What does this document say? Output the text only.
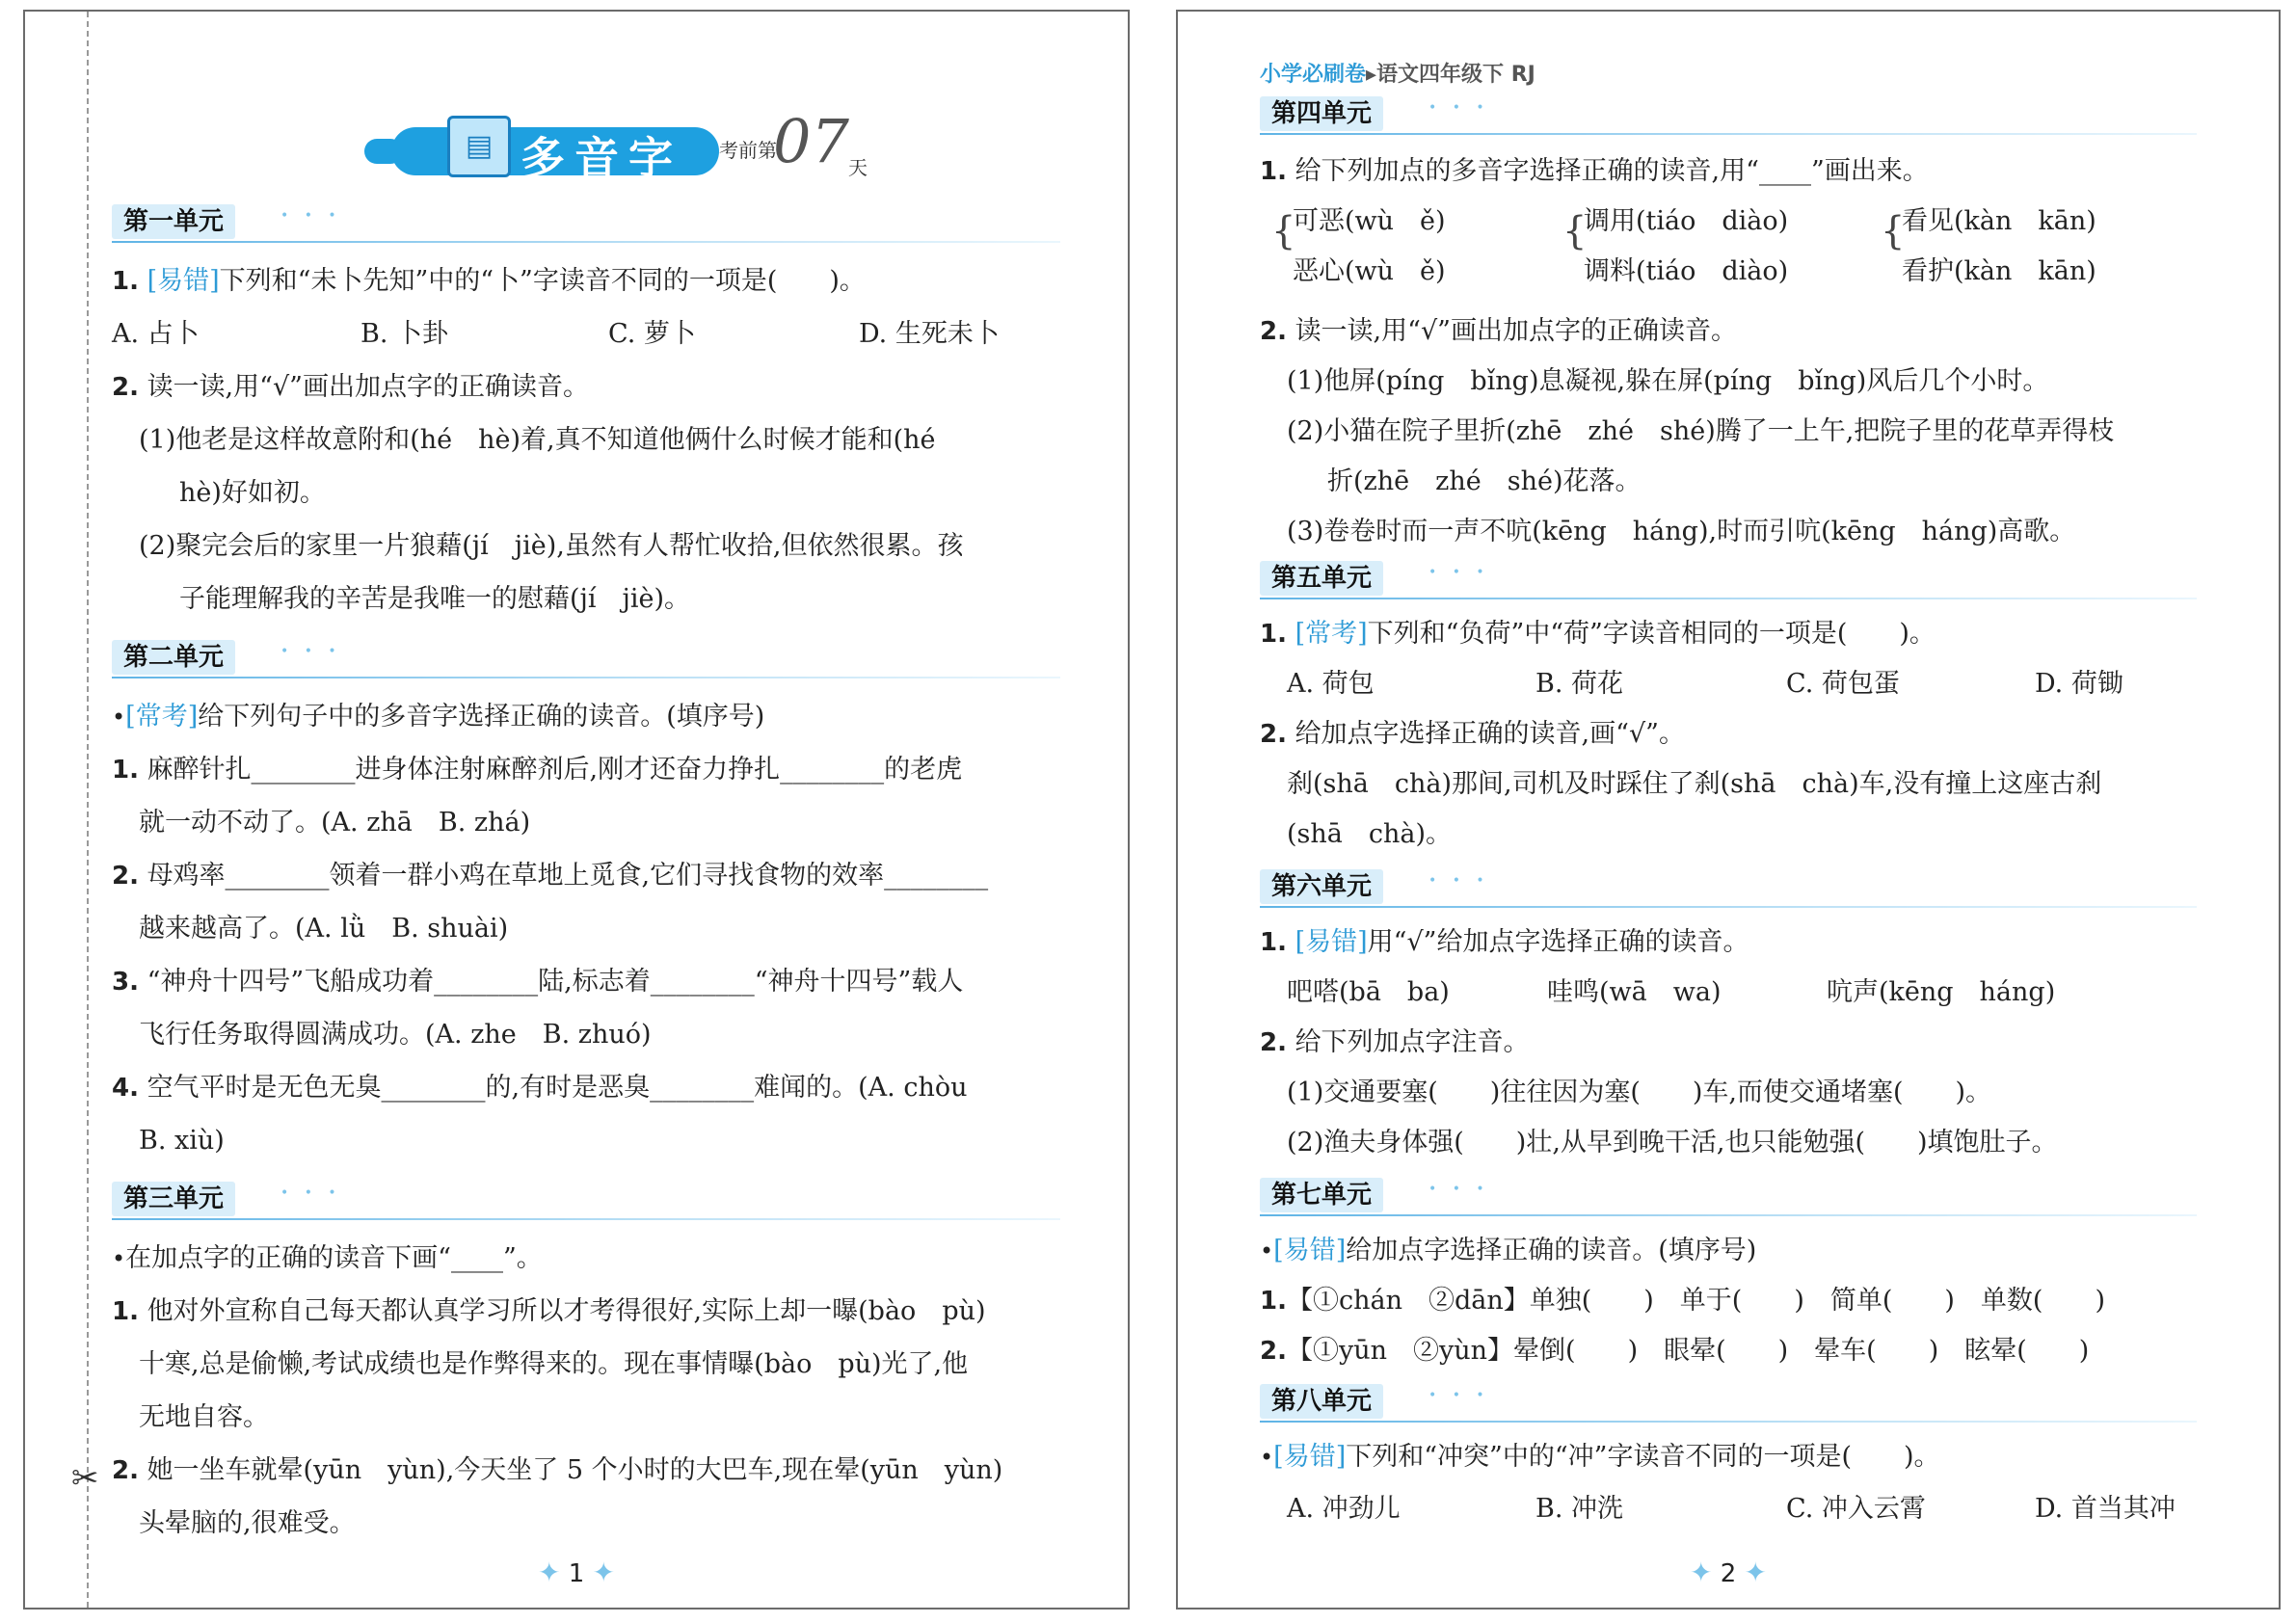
✂
▤ 多音字 考前第
07 天
第一单元	• • •
1. [易错]下列和“未卜先知”中的“卜”字读音不同的一项是(　　)。
A. 占卜	B. 卜卦	C. 萝卜	D. 生死未卜
2. 读一读,用“√”画出加点字的正确读音。
(1)他老是这样故意附和(hé　hè)着,真不知道他俩什么时候才能和(hé
hè)好如初。
(2)聚完会后的家里一片狼藉(jí　jiè),虽然有人帮忙收拾,但依然很累。孩
子能理解我的辛苦是我唯一的慰藉(jí　jiè)。
第二单元	• • •
•[常考]给下列句子中的多音字选择正确的读音。(填序号)
1. 麻醉针扎________进身体注射麻醉剂后,刚才还奋力挣扎________的老虎
就一动不动了。(A. zhā　B. zhá)
2. 母鸡率________领着一群小鸡在草地上觅食,它们寻找食物的效率________
越来越高了。(A. lǜ　B. shuài)
3. “神舟十四号”飞船成功着________陆,标志着________“神舟十四号”载人
飞行任务取得圆满成功。(A. zhe　B. zhuó)
4. 空气平时是无色无臭________的,有时是恶臭________难闻的。(A. chòu
B. xiù)
第三单元	• • •
•在加点字的正确的读音下画“____”。
1. 他对外宣称自己每天都认真学习所以才考得很好,实际上却一曝(bào　pù)
十寒,总是偷懒,考试成绩也是作弊得来的。现在事情曝(bào　pù)光了,他
无地自容。
2. 她一坐车就晕(yūn　yùn),今天坐了 5 个小时的大巴车,现在晕(yūn　yùn)
头晕脑的,很难受。
✦ 1 ✦
小学必刷卷▸语文四年级下 RJ
第四单元	• • •
1. 给下列加点的多音字选择正确的读音,用“____”画出来。
{
可恶(wù　ě)
恶心(wù　ě)
{
调用(tiáo　diào)
调料(tiáo　diào)
{
看见(kàn　kān)
看护(kàn　kān)
2. 读一读,用“√”画出加点字的正确读音。
(1)他屏(píng　bǐng)息凝视,躲在屏(píng　bǐng)风后几个小时。
(2)小猫在院子里折(zhē　zhé　shé)腾了一上午,把院子里的花草弄得枝
折(zhē　zhé　shé)花落。
(3)卷卷时而一声不吭(kēng　háng),时而引吭(kēng　háng)高歌。
第五单元	• • •
1. [常考]下列和“负荷”中“荷”字读音相同的一项是(　　)。
A. 荷包	B. 荷花	C. 荷包蛋	D. 荷锄
2. 给加点字选择正确的读音,画“√”。
刹(shā　chà)那间,司机及时踩住了刹(shā　chà)车,没有撞上这座古刹
(shā　chà)。
第六单元	• • •
1. [易错]用“√”给加点字选择正确的读音。
吧嗒(bā　ba)	哇鸣(wā　wa)	吭声(kēng　háng)
2. 给下列加点字注音。
(1)交通要塞(　　)往往因为塞(　　)车,而使交通堵塞(　　)。
(2)渔夫身体强(　　)壮,从早到晚干活,也只能勉强(　　)填饱肚子。
第七单元	• • •
•[易错]给加点字选择正确的读音。(填序号)
1.【①chán　②dān】单独(　　)　单于(　　)　简单(　　)　单数(　　)
2.【①yūn　②yùn】晕倒(　　)　眼晕(　　)　晕车(　　)　眩晕(　　)
第八单元	• • •
•[易错]下列和“冲突”中的“冲”字读音不同的一项是(　　)。
A. 冲劲儿	B. 冲洗	C. 冲入云霄	D. 首当其冲
✦ 2 ✦
